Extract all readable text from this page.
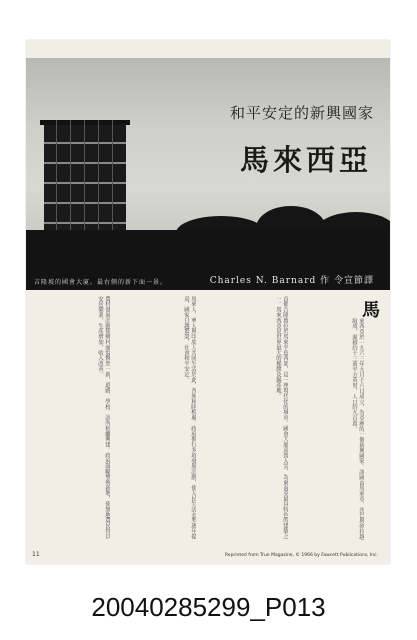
和平安定的新興國家
馬來西亞
吉隆坡的國會大廈。最右側的新下面一景。	Charles N. Barnard 作 令宣節譯
馬
來西亞於一九六三年九月十六日成立，為亞洲的一個新興國家。該國由馬來亞、沙巴與砂拉越組成，面積約十三萬平方英里，人口約九百萬。
首都吉隆坡位於馬來半島西部，是一座現代化的城市。國會大廈高聳入雲，為東南亞最具特色的建築之一。馬來西亞是世界最大的橡膠及錫產地。
馬來人、華人與印度人共同生活於此，各族和睦相處。政府推行多項發展計劃，使人民生活水準逐年提高，國家日趨繁榮，社會和平安定。
農村發展計劃使鄉村面貌煥然一新，道路、學校、診所相繼興建。政府鼓勵墾殖新地，使無地農民得以安居樂業，生產增加，收入改善。
11	Reprinted from True Magazine, © 1966 by Fawcett Publications, Inc.
20040285299_P013
